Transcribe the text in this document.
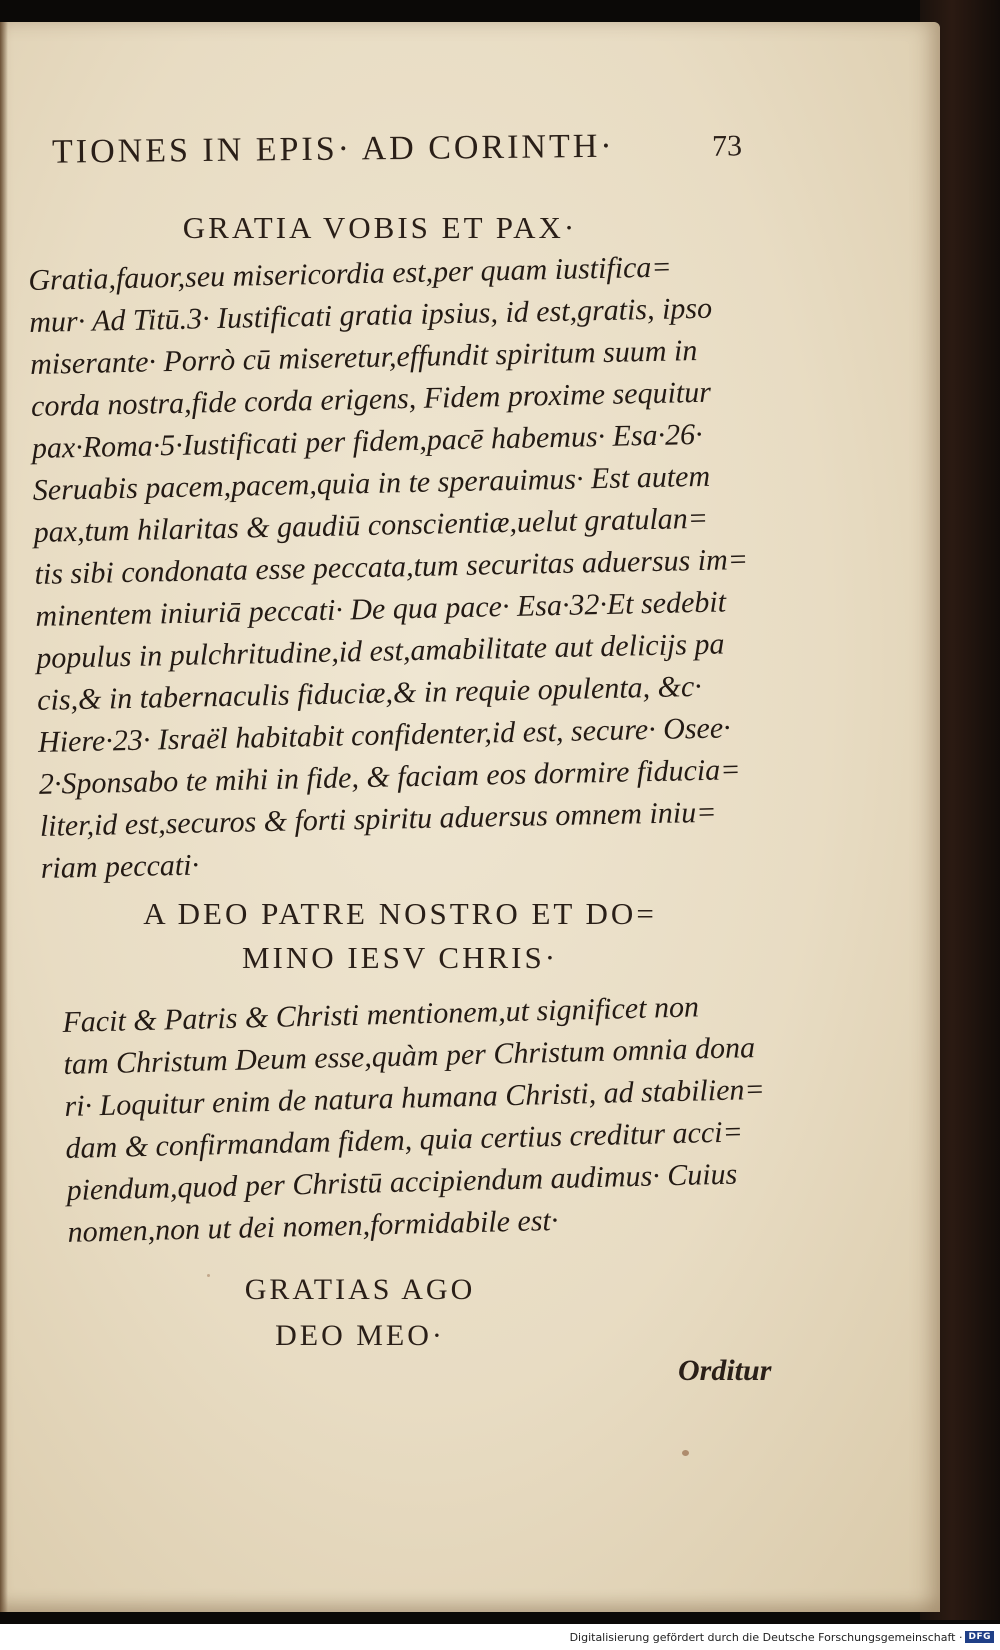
TIONES IN EPIS· AD CORINTH·	73
GRATIA VOBIS ET PAX·
Gratia,fauor,seu misericordia est,per quam iustifica=
mur· Ad Titū.3· Iustificati gratia ipsius, id est,gratis, ipso
miserante· Porrò cū miseretur,effundit spiritum suum in
corda nostra,fide corda erigens, Fidem proxime sequitur
pax·Roma·5·Iustificati per fidem,pacē habemus· Esa·26·
Seruabis pacem,pacem,quia in te sperauimus· Est autem
pax,tum hilaritas & gaudiū conscientiæ,uelut gratulan=
tis sibi condonata esse peccata,tum securitas aduersus im=
minentem iniuriā peccati· De qua pace· Esa·32·Et sedebit
populus in pulchritudine,id est,amabilitate aut delicijs pa
cis,& in tabernaculis fiduciæ,& in requie opulenta, &c·
Hiere·23· Israël habitabit confidenter,id est, secure· Osee·
2·Sponsabo te mihi in fide, & faciam eos dormire fiducia=
liter,id est,securos & forti spiritu aduersus omnem iniu=
riam peccati·
A DEO PATRE NOSTRO ET DO=
MINO IESV CHRIS·
Facit & Patris & Christi mentionem,ut significet non
tam Christum Deum esse,quàm per Christum omnia dona
ri· Loquitur enim de natura humana Christi, ad stabilien=
dam & confirmandam fidem, quia certius creditur acci=
piendum,quod per Christū accipiendum audimus· Cuius
nomen,non ut dei nomen,formidabile est·
GRATIAS AGO
DEO MEO·
Orditur
Digitalisierung gefördert durch die Deutsche Forschungsgemeinschaft · DFG
